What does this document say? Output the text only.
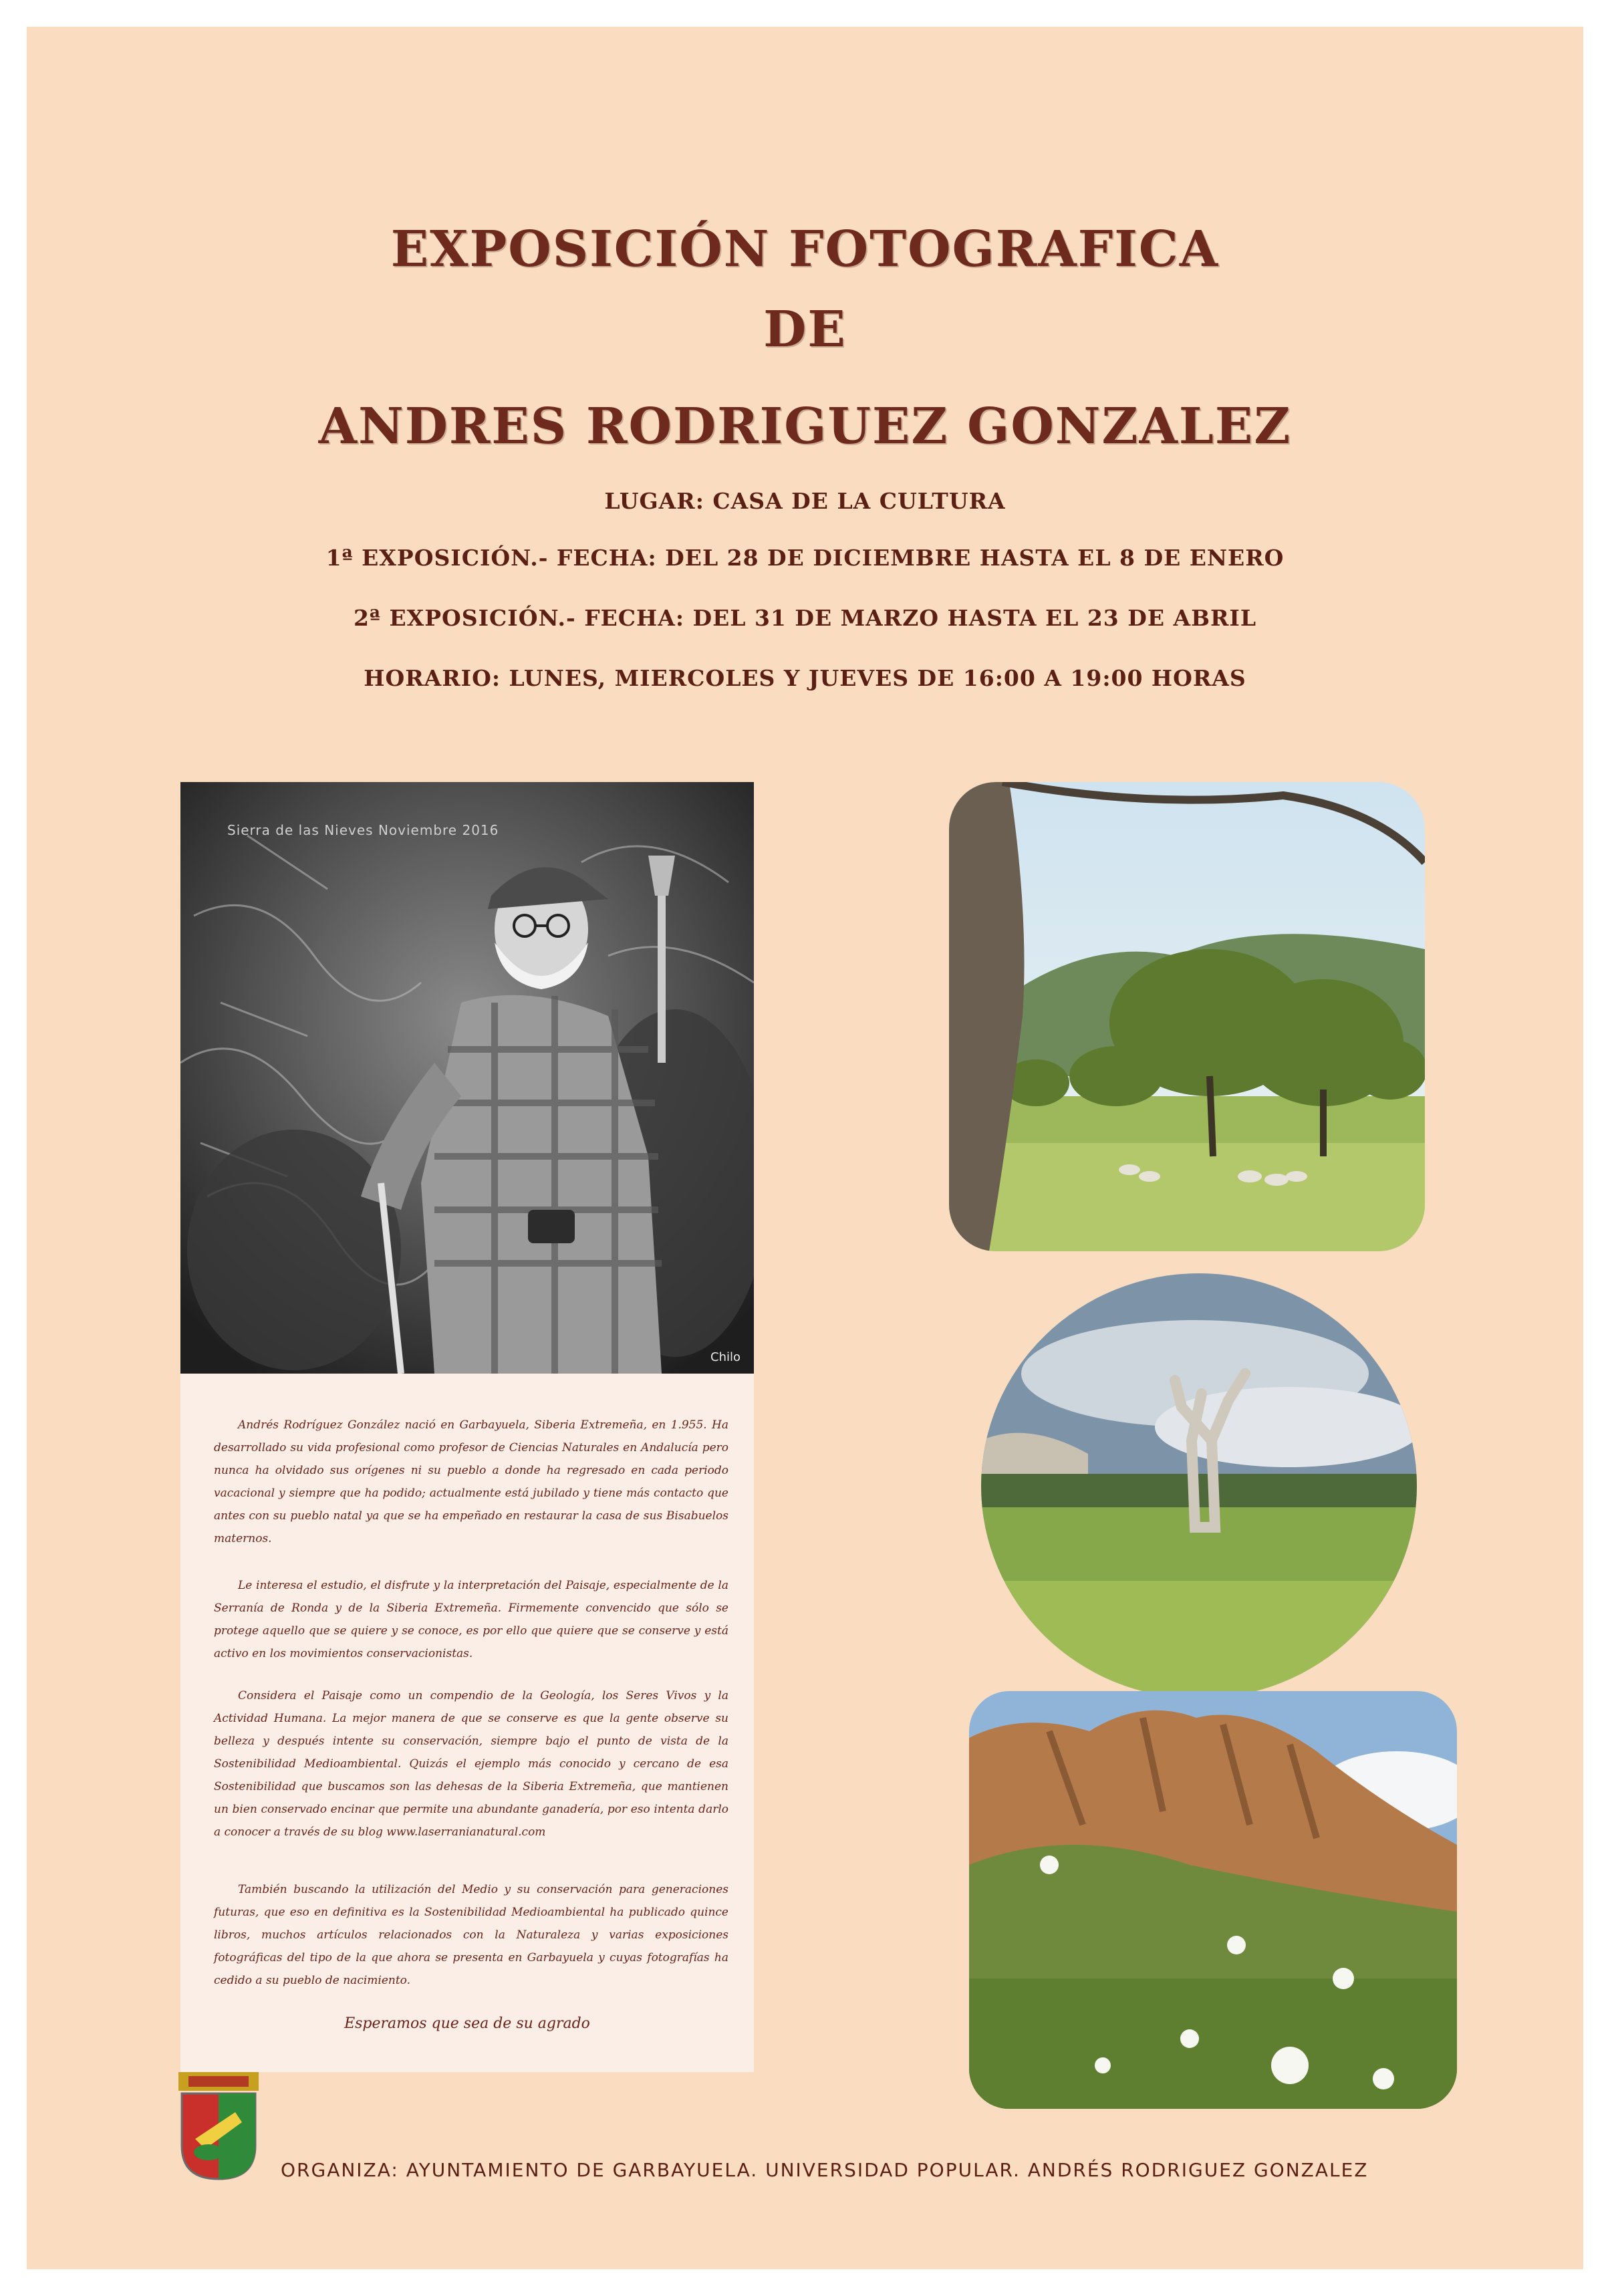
EXPOSICIÓN FOTOGRAFICA
DE
ANDRES RODRIGUEZ GONZALEZ
LUGAR: CASA DE LA CULTURA
1ª EXPOSICIÓN.- FECHA: DEL 28 DE DICIEMBRE HASTA EL 8 DE ENERO
2ª EXPOSICIÓN.- FECHA: DEL 31 DE MARZO HASTA EL 23 DE ABRIL
HORARIO: LUNES, MIERCOLES Y JUEVES DE 16:00 A 19:00 HORAS
Sierra de las Nieves Noviembre 2016
Chilo

Andrés Rodríguez González nació en Garbayuela, Siberia Extremeña, en 1.955. Ha desarrollado su vida profesional como profesor de Ciencias Naturales en Andalucía pero nunca ha olvidado sus orígenes ni su pueblo a donde ha regresado en cada periodo vacacional y siempre que ha podido; actualmente está jubilado y tiene más contacto que antes con su pueblo natal ya que se ha empeñado en restaurar la casa de sus Bisabuelos maternos.

Le interesa el estudio, el disfrute y la interpretación del Paisaje, especialmente de la Serranía de Ronda y de la Siberia Extremeña. Firmemente convencido que sólo se protege aquello que se quiere y se conoce, es por ello que quiere que se conserve y está activo en los movimientos conservacionistas.

Considera el Paisaje como un compendio de la Geología, los Seres Vivos y la Actividad Humana. La mejor manera de que se conserve es que la gente observe su belleza y después intente su conservación, siempre bajo el punto de vista de la Sostenibilidad Medioambiental. Quizás el ejemplo más conocido y cercano de esa Sostenibilidad que buscamos son las dehesas de la Siberia Extremeña, que mantienen un bien conservado encinar que permite una abundante ganadería, por eso intenta darlo a conocer a través de su blog www.laserranianatural.com

También buscando la utilización del Medio y su conservación para generaciones futuras, que eso en definitiva es la Sostenibilidad Medioambiental ha publicado quince libros, muchos artículos relacionados con la Naturaleza y varias exposiciones fotográficas del tipo de la que ahora se presenta en Garbayuela y cuyas fotografías ha cedido a su pueblo de nacimiento.

Esperamos que sea de su agrado
ORGANIZA: AYUNTAMIENTO DE GARBAYUELA. UNIVERSIDAD POPULAR. ANDRÉS RODRIGUEZ GONZALEZ
